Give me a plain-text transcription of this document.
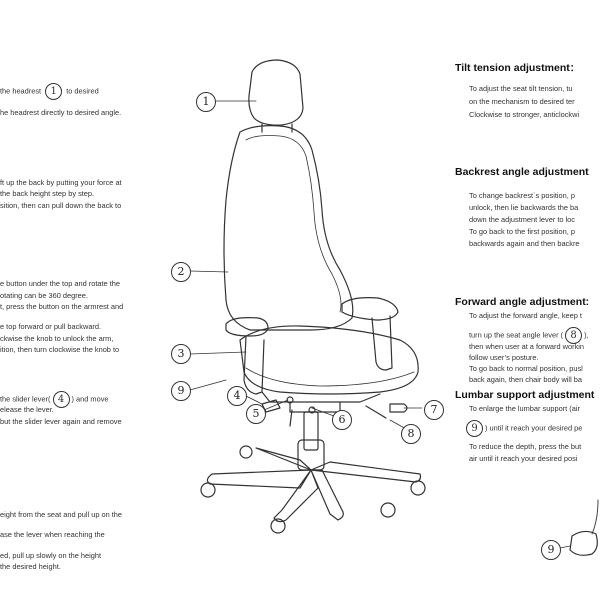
the headrest 1 to desired
he headrest directly to desired angle.
ft up the back by putting your force at
the back height step by step.
sition, then can pull down the back to
e button under the top and rotate the
otating can be 360 degree.
t, press the button on the armrest and
e top forward or pull backward.
ckwise the knob to unlock the arm,
ition, then turn clockwise the knob to
the slider lever( 4 ) and move
elease the lever.
but the slider lever again and remove
eight from the seat and pull up on the
ase the lever when reaching the
ed, pull up slowly on the height
the desired height.
Tilt tension adjustment：
To adjust the seat tilt tension, tu
on the mechanism to desired ter
Clockwise to stronger, anticlockwi
Backrest angle adjustment
To change backrest`s position, p
unlock, then lie backwards the ba
down the adjustment lever to loc
To go back to the first position, p
backwards again and then backre
Forward angle adjustment:
To adjust the forward angle, keep t
turn up the seat angle lever ( 8 ),
then when user at a forward workin
follow user’s posture.
To go back to normal position, pusl
back again, then chair body will ba
Lumbar support adjustment
To enlarge the lumbar support (air
9 ) until it reach your desired pe
To reduce the depth, press the but
air until it reach your desired posi
1
2
3
9	4
5	6
7
8
9
